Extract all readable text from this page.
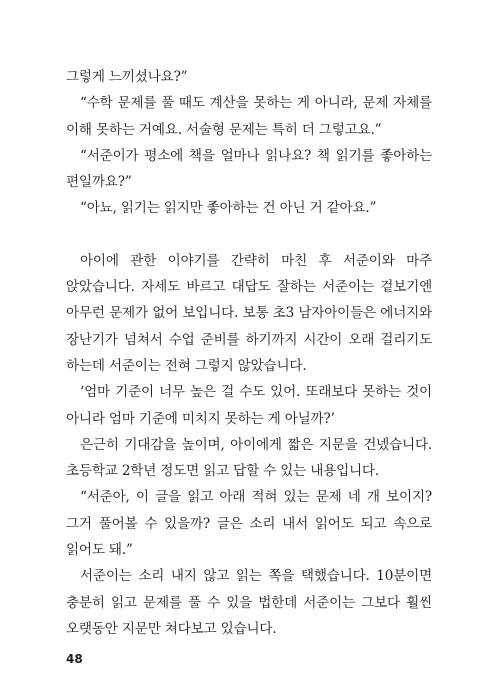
그렇게 느끼셨나요?”

“수학 문제를 풀 때도 계산을 못하는 게 아니라, 문제 자체를 이해 못하는 거예요. 서술형 문제는 특히 더 그렇고요.”

“서준이가 평소에 책을 얼마나 읽나요? 책 읽기를 좋아하는 편일까요?”

“아뇨, 읽기는 읽지만 좋아하는 건 아닌 거 같아요.”

아이에 관한 이야기를 간략히 마친 후 서준이와 마주 앉았습니다. 자세도 바르고 대답도 잘하는 서준이는 겉보기엔 아무런 문제가 없어 보입니다. 보통 초3 남자아이들은 에너지와 장난기가 넘쳐서 수업 준비를 하기까지 시간이 오래 걸리기도 하는데 서준이는 전혀 그렇지 않았습니다.

‘엄마 기준이 너무 높은 걸 수도 있어. 또래보다 못하는 것이 아니라 엄마 기준에 미치지 못하는 게 아닐까?’

은근히 기대감을 높이며, 아이에게 짧은 지문을 건넸습니다. 초등학교 2학년 정도면 읽고 답할 수 있는 내용입니다.

“서준아, 이 글을 읽고 아래 적혀 있는 문제 네 개 보이지? 그거 풀어볼 수 있을까? 글은 소리 내서 읽어도 되고 속으로 읽어도 돼.”

서준이는 소리 내지 않고 읽는 쪽을 택했습니다. 10분이면 충분히 읽고 문제를 풀 수 있을 법한데 서준이는 그보다 훨씬 오랫동안 지문만 쳐다보고 있습니다.

48
